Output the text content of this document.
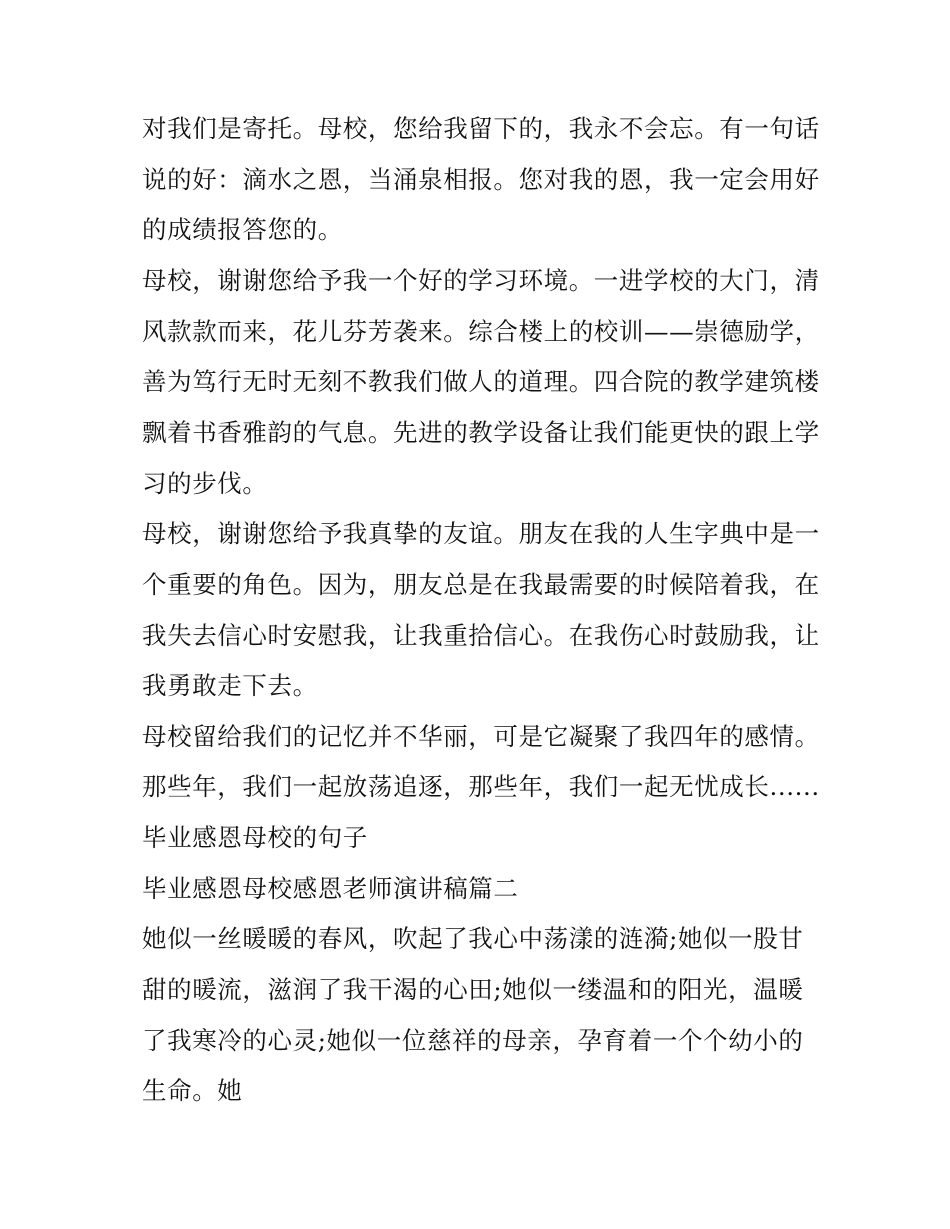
对我们是寄托。母校，您给我留下的，我永不会忘。有一句话
说的好：滴水之恩，当涌泉相报。您对我的恩，我一定会用好
的成绩报答您的。
母校，谢谢您给予我一个好的学习环境。一进学校的大门，清
风款款而来，花儿芬芳袭来。综合楼上的校训——崇德励学，
善为笃行无时无刻不教我们做人的道理。四合院的教学建筑楼
飘着书香雅韵的气息。先进的教学设备让我们能更快的跟上学
习的步伐。
母校，谢谢您给予我真挚的友谊。朋友在我的人生字典中是一
个重要的角色。因为，朋友总是在我最需要的时候陪着我，在
我失去信心时安慰我，让我重拾信心。在我伤心时鼓励我，让
我勇敢走下去。
母校留给我们的记忆并不华丽，可是它凝聚了我四年的感情。
那些年，我们一起放荡追逐，那些年，我们一起无忧成长......
毕业感恩母校的句子
毕业感恩母校感恩老师演讲稿篇二
她似一丝暖暖的春风，吹起了我心中荡漾的涟漪;她似一股甘
甜的暖流，滋润了我干渴的心田;她似一缕温和的阳光，温暖
了我寒冷的心灵;她似一位慈祥的母亲，孕育着一个个幼小的
生命。她
